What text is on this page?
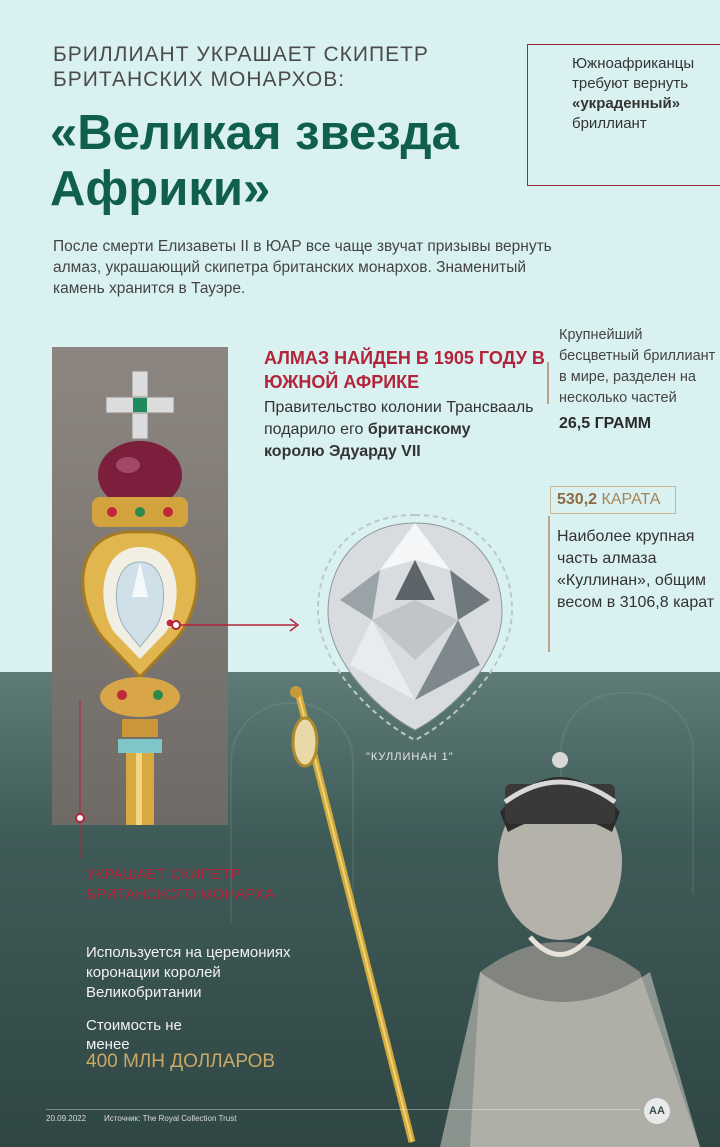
БРИЛЛИАНТ УКРАШАЕТ СКИПЕТР БРИТАНСКИХ МОНАРХОВ:
«Великая звезда Африки»
Южноафриканцы требуют вернуть
«украденный»
бриллиант
После смерти Елизаветы II в ЮАР все чаще звучат призывы вернуть алмаз, украшающий скипетра британских монархов. Знаменитый камень хранится в Тауэре.
АЛМАЗ НАЙДЕН В 1905 ГОДУ В ЮЖНОЙ АФРИКЕ
Правительство колонии Трансвааль подарило его британскому королю Эдуарду VII
Крупнейший бесцветный бриллиант в мире, разделен на несколько частей
26,5 ГРАММ
530,2 КАРАТА
Наиболее крупная часть алмаза «Куллинан», общим весом в 3106,8 карат
"КУЛЛИНАН 1"
УКРАШАЕТ СКИПЕТР БРИТАНСКОГО МОНАРХА
Используется на церемониях коронации королей Великобритании
Стоимость не менее
400 МЛН ДОЛЛАРОВ
20.09.2022 Источник: The Royal Collection Trust
AA
